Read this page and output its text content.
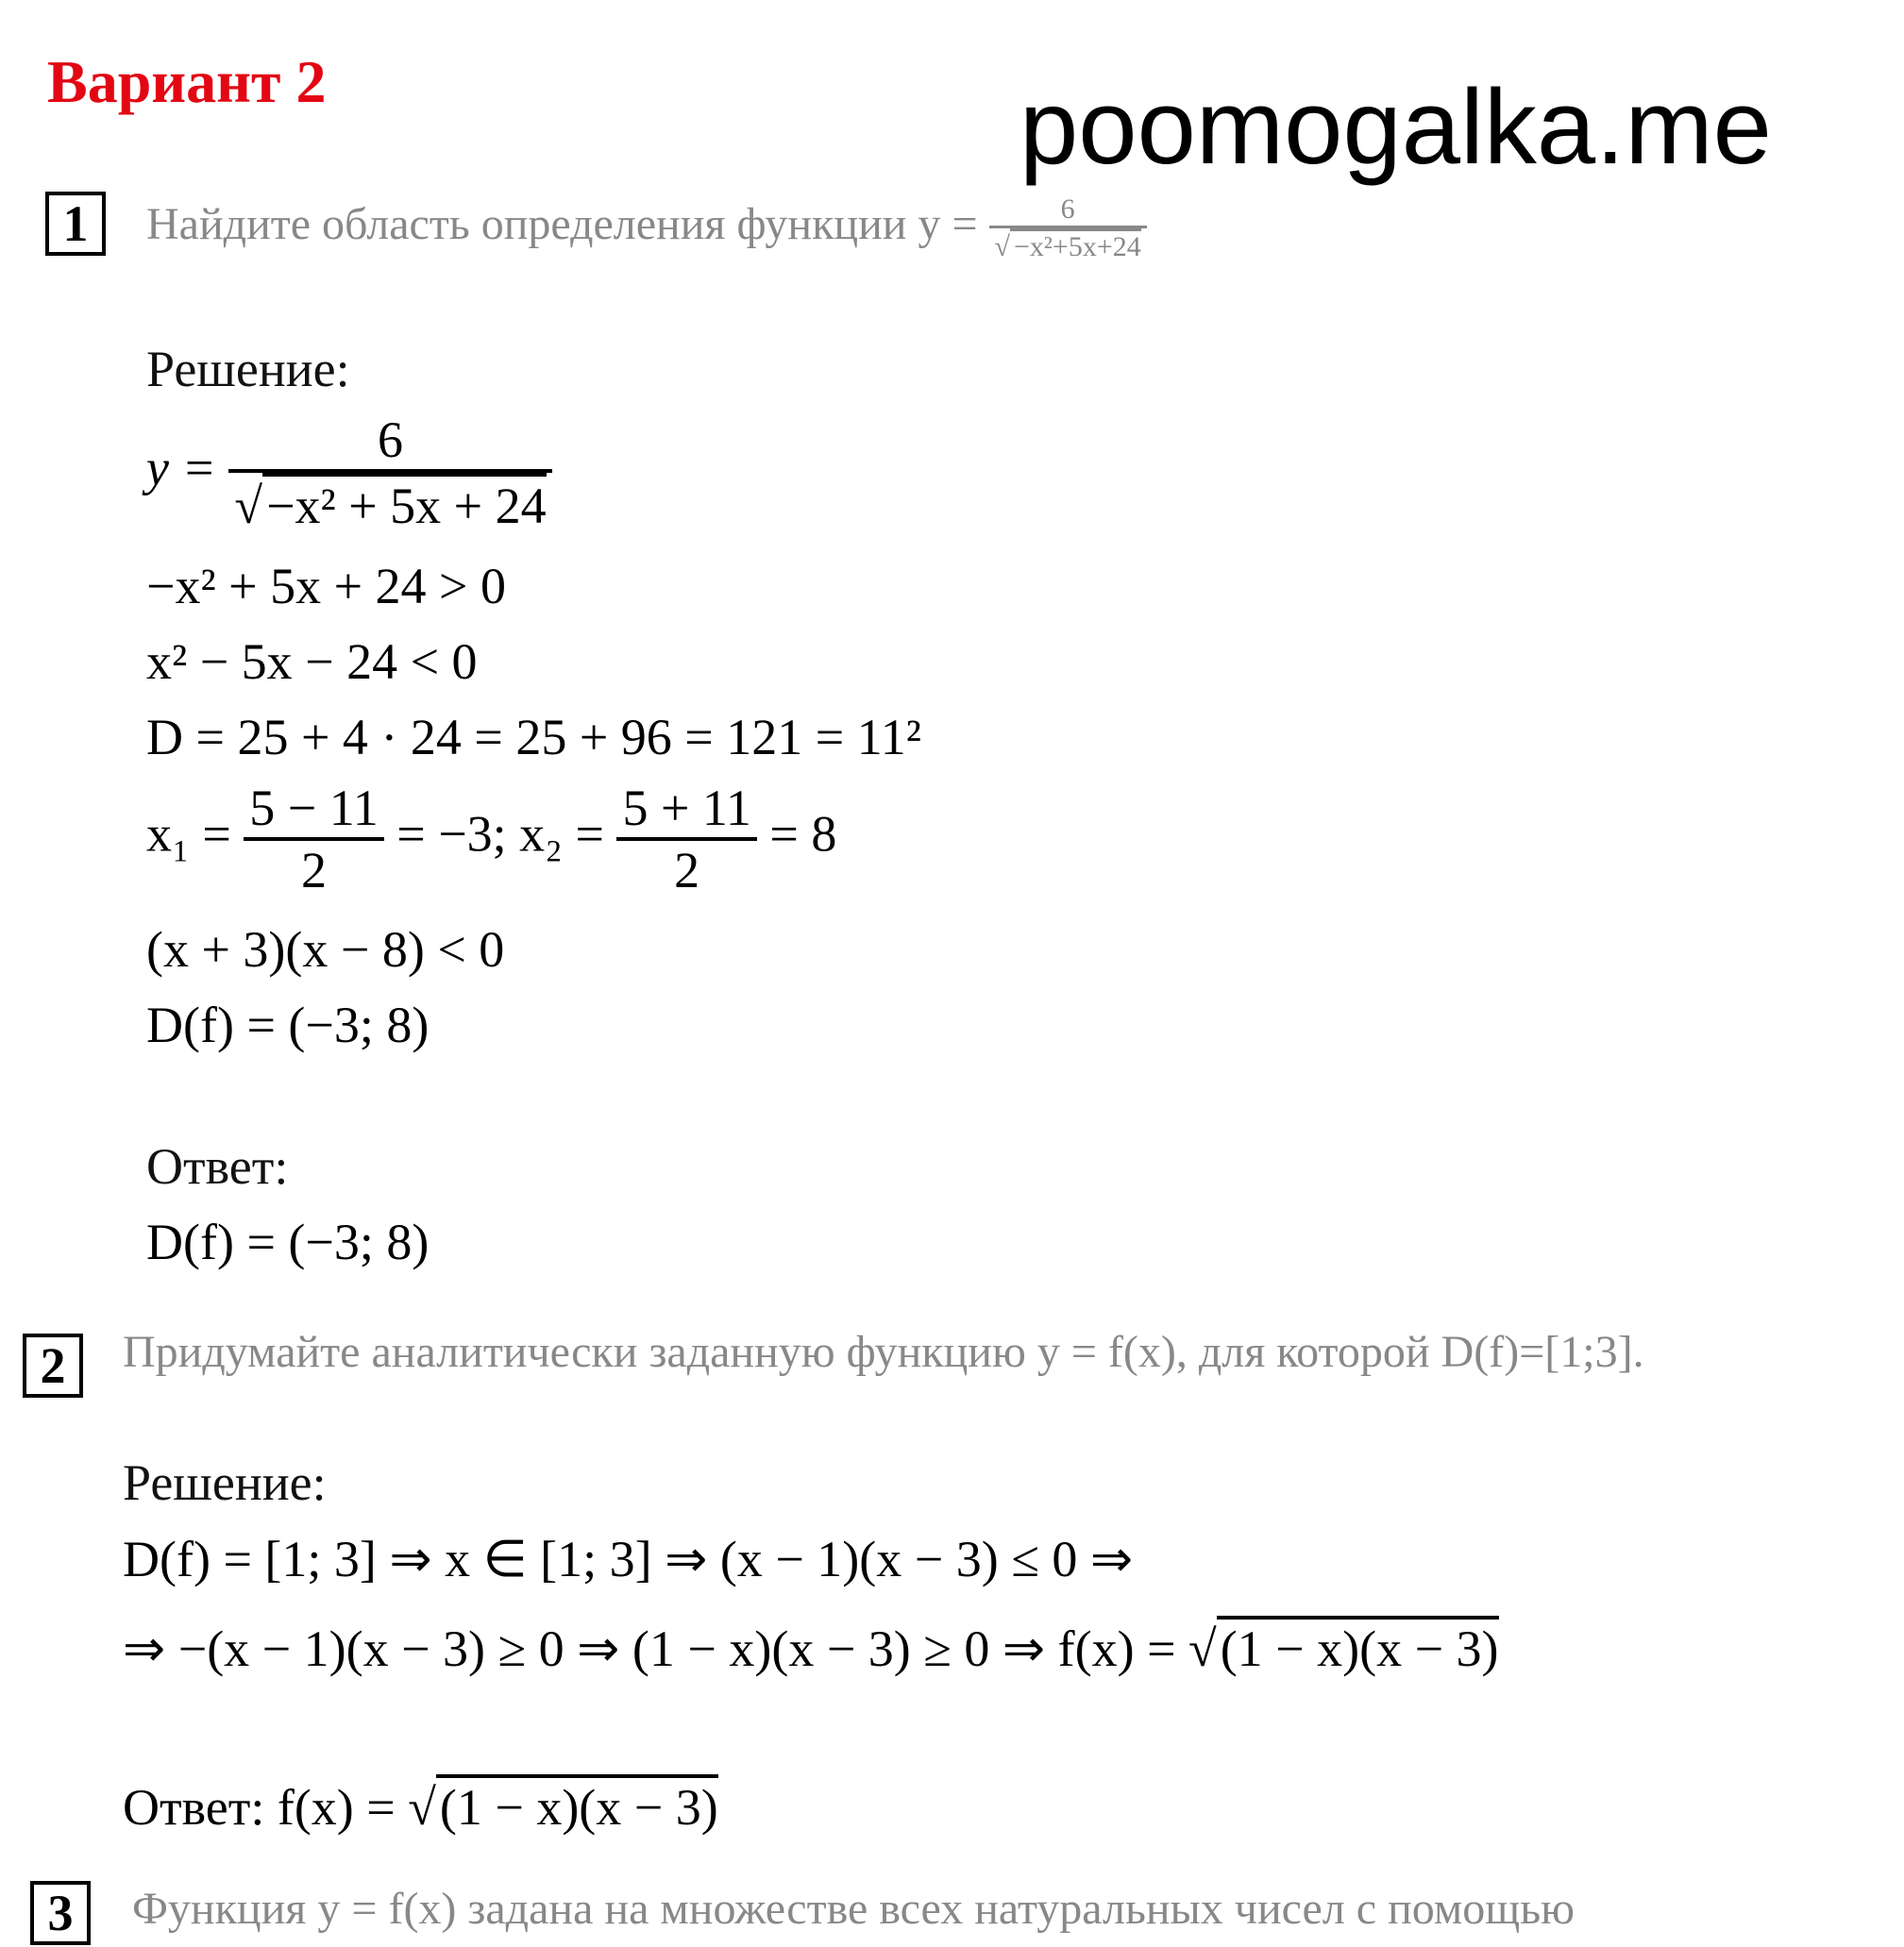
Вариант 2	poomogalka.me
1	Найдите область определения функции $y = \frac{6}{\text{√ −x²+5x+24}}$
Решение:
$y = \frac{6}{\text{√−x² + 5x + 24}}$
−x² + 5x + 24 > 0
x² − 5x − 24 < 0
D = 25 + 4 · 24 = 25 + 96 = 121 = 11²
$x_1 = \frac{5 - 11}{2} = -3$; $x_2 = \frac{5 + 11}{2} = 8$
(x + 3)(x − 8) < 0
D(f) = (−3; 8)
Ответ:
D(f) = (−3; 8)
2	Придумайте аналитически заданную функцию y = f(x), для которой D(f)=[1;3].
Решение:
D(f) = [1; 3] ⇒ x ∈ [1; 3] ⇒ (x − 1)(x − 3) ≤ 0 ⇒
⇒ −(x − 1)(x − 3) ≥ 0 ⇒ (1 − x)(x − 3) ≥ 0 ⇒ f(x) = √(1 − x)(x − 3)
Ответ: f(x) = √(1 − x)(x − 3)
3	Функция y = f(x) задана на множестве всех натуральных чисел с помощью
